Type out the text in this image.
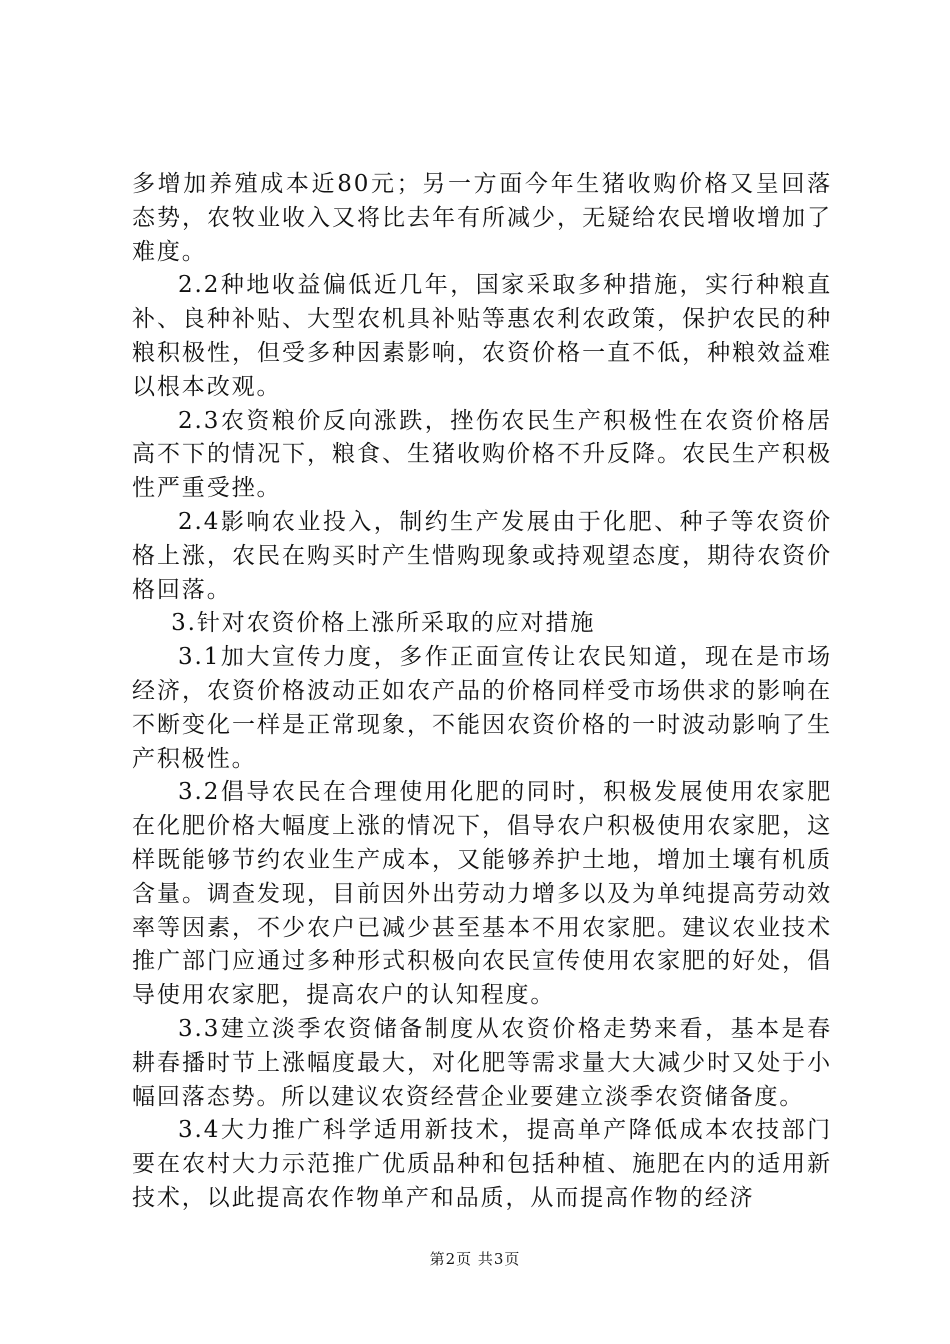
多增加养殖成本近80元；另一方面今年生猪收购价格又呈回落态势，农牧业收入又将比去年有所减少，无疑给农民增收增加了难度。

2.2种地收益偏低近几年，国家采取多种措施，实行种粮直补、良种补贴、大型农机具补贴等惠农利农政策，保护农民的种粮积极性，但受多种因素影响，农资价格一直不低，种粮效益难以根本改观。

2.3农资粮价反向涨跌，挫伤农民生产积极性在农资价格居高不下的情况下，粮食、生猪收购价格不升反降。农民生产积极性严重受挫。

2.4影响农业投入，制约生产发展由于化肥、种子等农资价格上涨，农民在购买时产生惜购现象或持观望态度，期待农资价格回落。

3.针对农资价格上涨所采取的应对措施

3.1加大宣传力度，多作正面宣传让农民知道，现在是市场经济，农资价格波动正如农产品的价格同样受市场供求的影响在不断变化一样是正常现象，不能因农资价格的一时波动影响了生产积极性。

3.2倡导农民在合理使用化肥的同时，积极发展使用农家肥在化肥价格大幅度上涨的情况下，倡导农户积极使用农家肥，这样既能够节约农业生产成本，又能够养护土地，增加土壤有机质含量。调查发现，目前因外出劳动力增多以及为单纯提高劳动效率等因素，不少农户已减少甚至基本不用农家肥。建议农业技术推广部门应通过多种形式积极向农民宣传使用农家肥的好处，倡导使用农家肥，提高农户的认知程度。

3.3建立淡季农资储备制度从农资价格走势来看，基本是春耕春播时节上涨幅度最大，对化肥等需求量大大减少时又处于小幅回落态势。所以建议农资经营企业要建立淡季农资储备度。

3.4大力推广科学适用新技术，提高单产降低成本农技部门要在农村大力示范推广优质品种和包括种植、施肥在内的适用新技术，以此提高农作物单产和品质，从而提高作物的经济

第2页 共3页
